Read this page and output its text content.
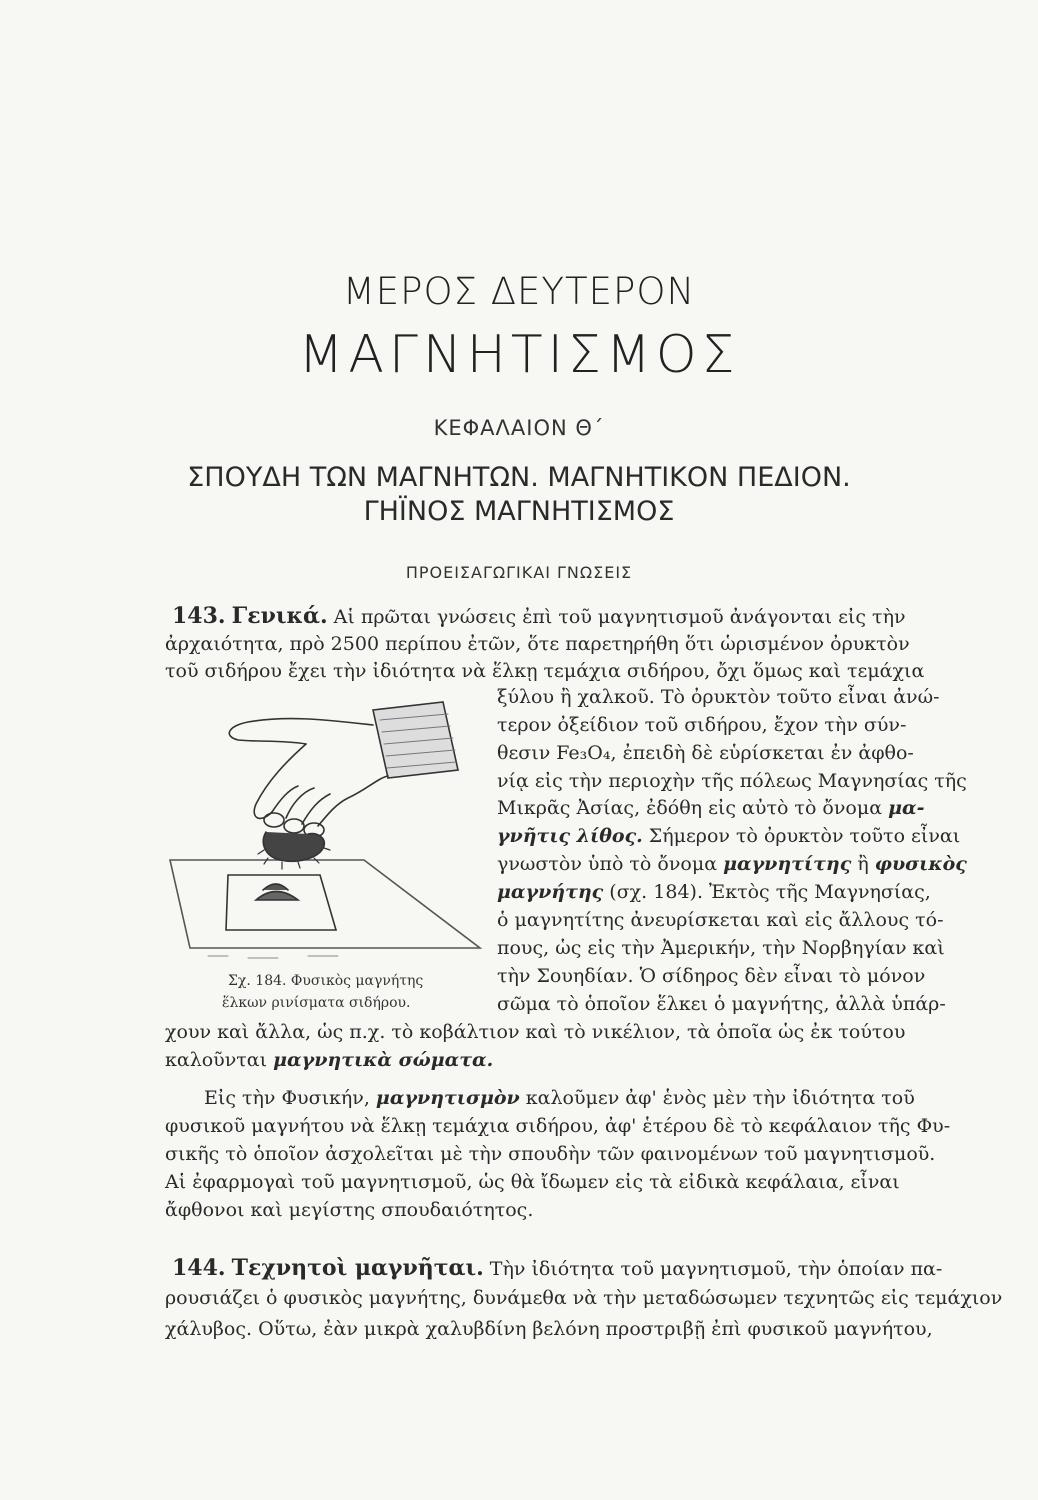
ΜΕΡΟΣ ΔΕΥΤΕΡΟΝ
ΜΑΓΝΗΤΙΣΜΟΣ
ΚΕΦΑΛΑΙΟΝ Θ΄
ΣΠΟΥΔΗ ΤΩΝ ΜΑΓΝΗΤΩΝ. ΜΑΓΝΗΤΙΚΟΝ ΠΕΔΙΟΝ.
ΓΗΪΝΟΣ ΜΑΓΝΗΤΙΣΜΟΣ
ΠΡΟΕΙΣΑΓΩΓΙΚΑΙ ΓΝΩΣΕΙΣ
143. Γενικά. Αἱ πρῶται γνώσεις ἐπὶ τοῦ μαγνητισμοῦ ἀνάγονται εἰς τὴν
ἀρχαιότητα, πρὸ 2500 περίπου ἐτῶν, ὅτε παρετηρήθη ὅτι ὡρισμένον ὀρυκτὸν
τοῦ σιδήρου ἔχει τὴν ἰδιότητα νὰ ἕλκῃ τεμάχια σιδήρου, ὄχι ὅμως καὶ τεμάχια
ξύλου ἢ χαλκοῦ. Τὸ ὀρυκτὸν τοῦτο εἶναι ἀνώ-
τερον ὀξείδιον τοῦ σιδήρου, ἔχον τὴν σύν-
θεσιν Fe₃O₄, ἐπειδὴ δὲ εὑρίσκεται ἐν ἀφθο-
νίᾳ εἰς τὴν περιοχὴν τῆς πόλεως Μαγνησίας τῆς
Μικρᾶς Ἀσίας, ἐδόθη εἰς αὐτὸ τὸ ὄνομα μα-
γνῆτις λίθος. Σήμερον τὸ ὀρυκτὸν τοῦτο εἶναι
γνωστὸν ὑπὸ τὸ ὄνομα μαγνητίτης ἢ φυσικὸς
μαγνήτης (σχ. 184). Ἐκτὸς τῆς Μαγνησίας,
ὁ μαγνητίτης ἀνευρίσκεται καὶ εἰς ἄλλους τό-
πους, ὡς εἰς τὴν Ἀμερικήν, τὴν Νορβηγίαν καὶ
τὴν Σουηδίαν. Ὁ σίδηρος δὲν εἶναι τὸ μόνον
σῶμα τὸ ὁποῖον ἕλκει ὁ μαγνήτης, ἀλλὰ ὑπάρ-
χουν καὶ ἄλλα, ὡς π.χ. τὸ κοβάλτιον καὶ τὸ νικέλιον, τὰ ὁποῖα ὡς ἐκ τούτου
καλοῦνται μαγνητικὰ σώματα.
Εἰς τὴν Φυσικήν, μαγνητισμὸν καλοῦμεν ἀφ' ἑνὸς μὲν τὴν ἰδιότητα τοῦ
φυσικοῦ μαγνήτου νὰ ἕλκῃ τεμάχια σιδήρου, ἀφ' ἑτέρου δὲ τὸ κεφάλαιον τῆς Φυ-
σικῆς τὸ ὁποῖον ἀσχολεῖται μὲ τὴν σπουδὴν τῶν φαινομένων τοῦ μαγνητισμοῦ.
Αἱ ἐφαρμογαὶ τοῦ μαγνητισμοῦ, ὡς θὰ ἴδωμεν εἰς τὰ εἰδικὰ κεφάλαια, εἶναι
ἄφθονοι καὶ μεγίστης σπουδαιότητος.
Σχ. 184. Φυσικὸς μαγνήτης
ἕλκων ρινίσματα σιδήρου.
144. Τεχνητοὶ μαγνῆται. Τὴν ἰδιότητα τοῦ μαγνητισμοῦ, τὴν ὁποίαν πα-
ρουσιάζει ὁ φυσικὸς μαγνήτης, δυνάμεθα νὰ τὴν μεταδώσωμεν τεχνητῶς εἰς τεμάχιον
χάλυβος. Οὕτω, ἐὰν μικρὰ χαλυβδίνη βελόνη προστριβῇ ἐπὶ φυσικοῦ μαγνήτου,
